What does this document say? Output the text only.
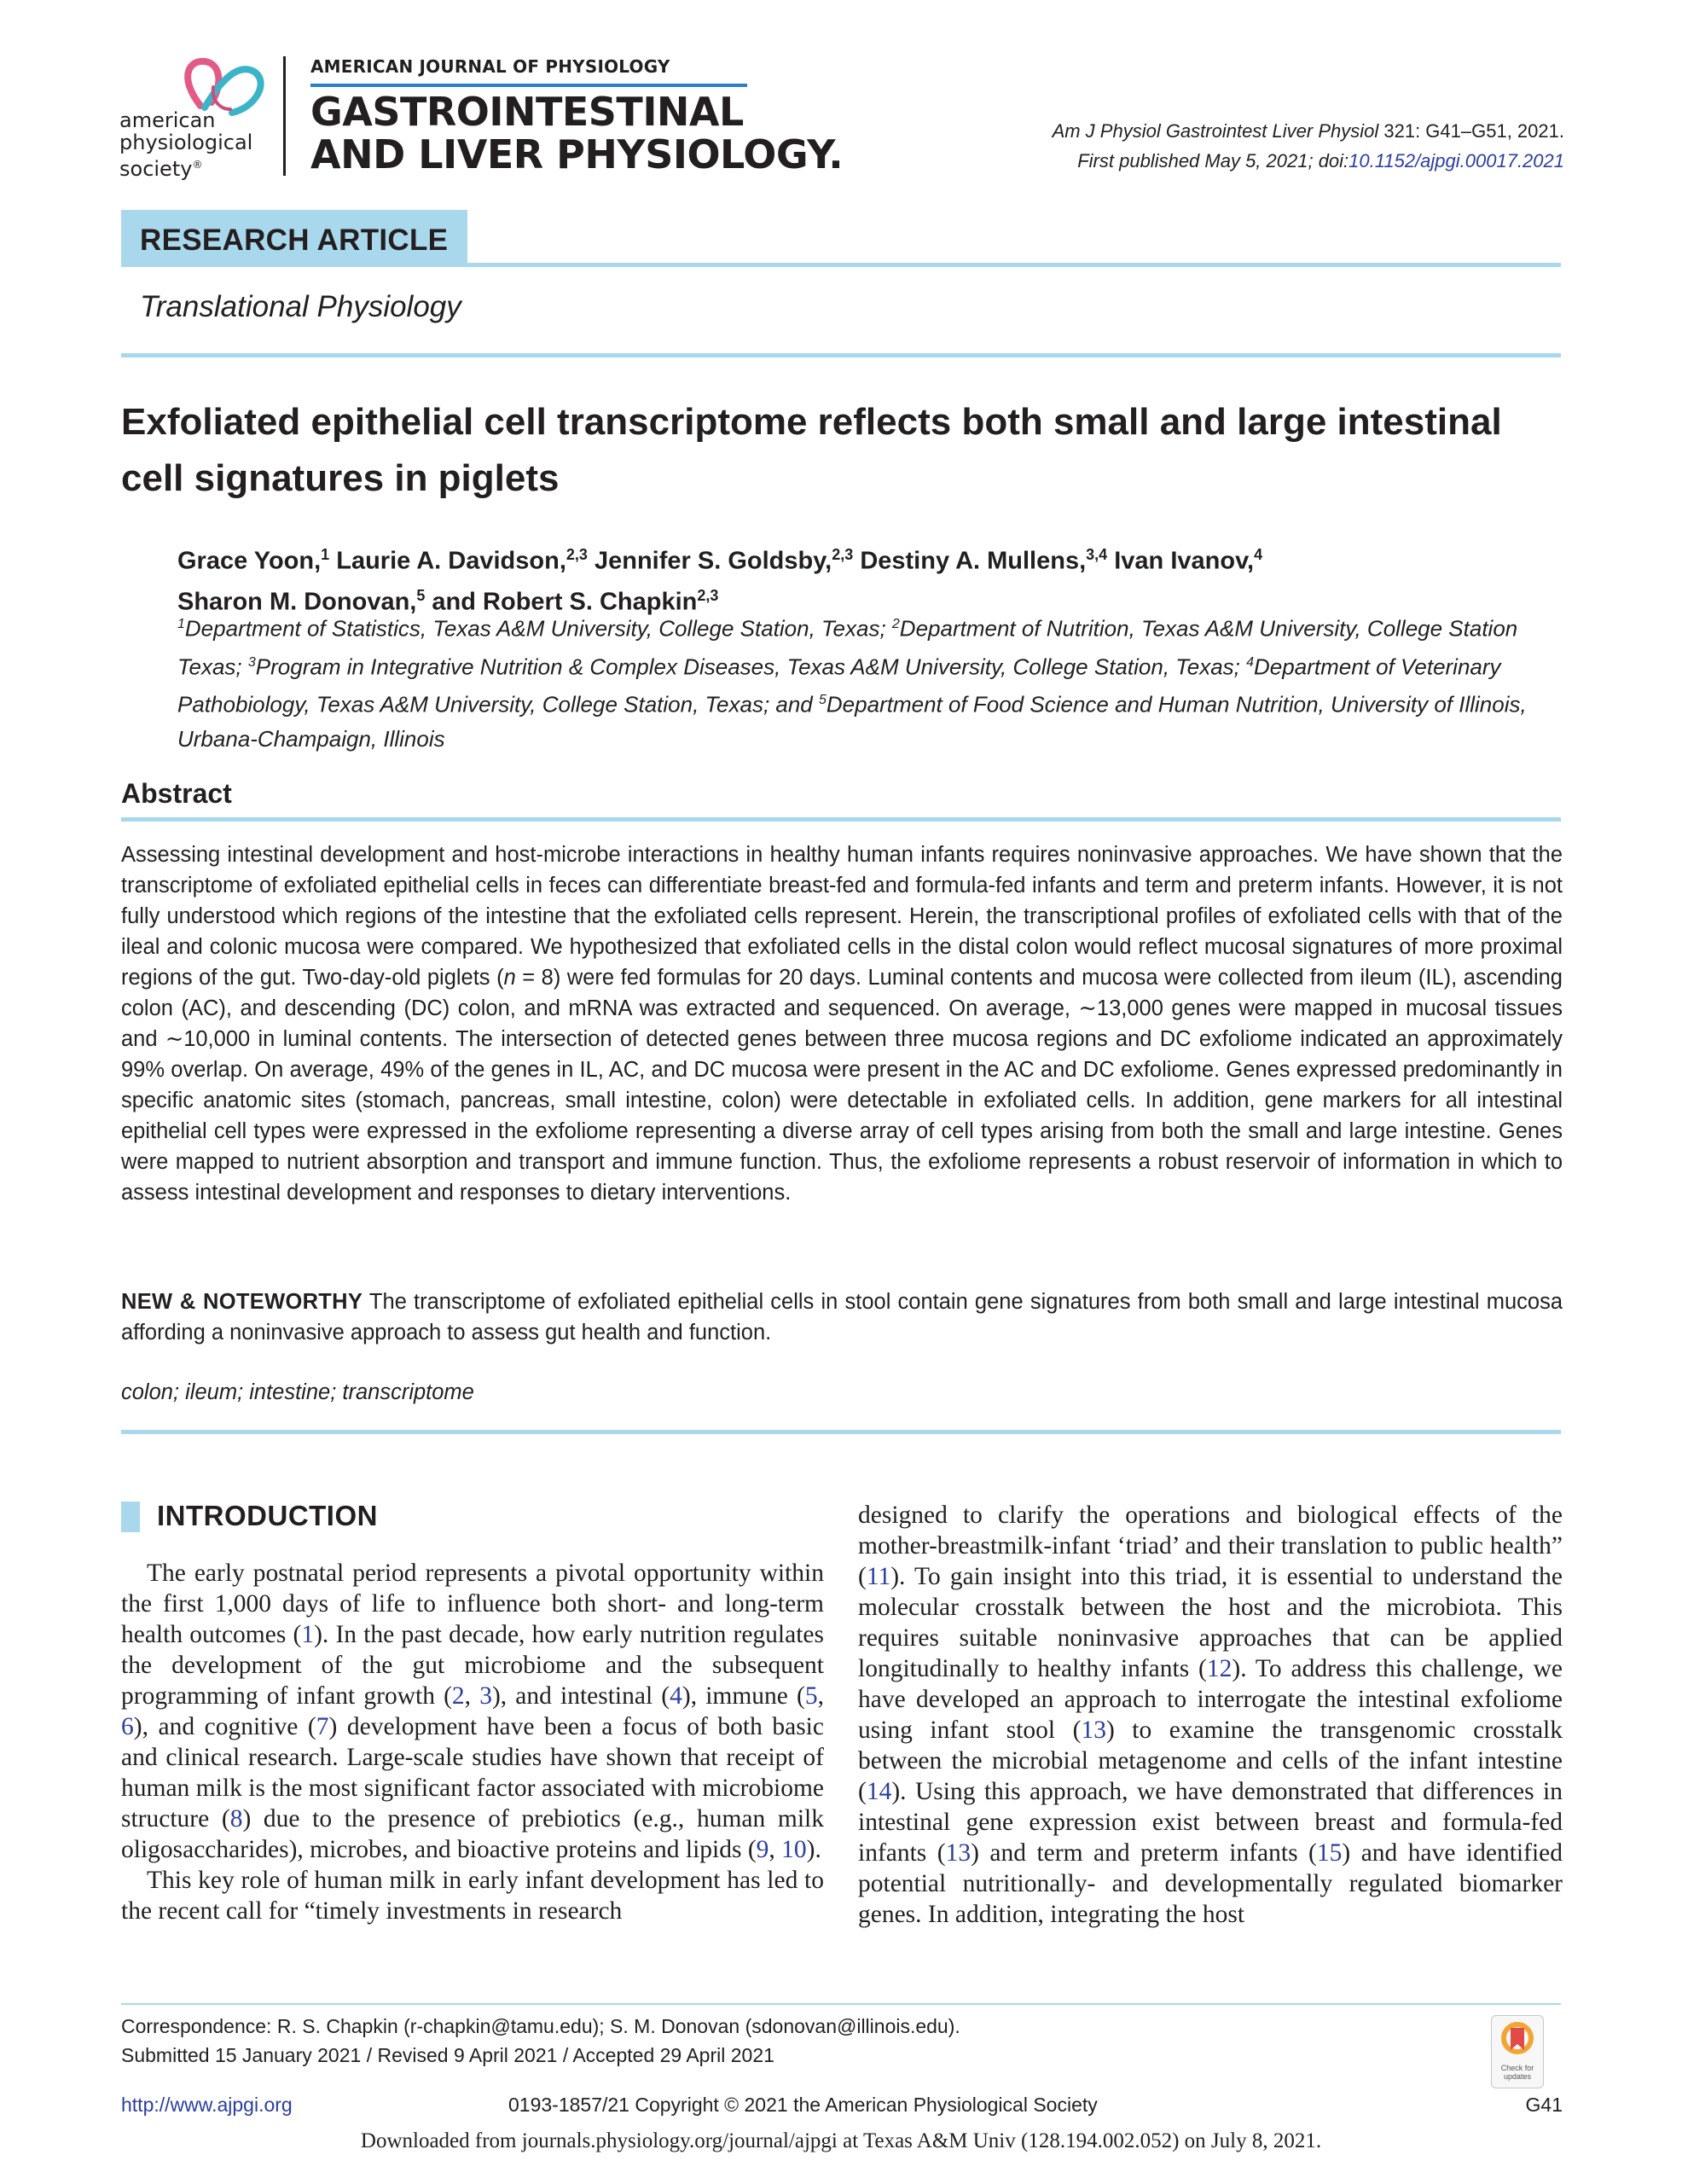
american
physiological
society®
AMERICAN JOURNAL OF PHYSIOLOGY
GASTROINTESTINAL
AND LIVER PHYSIOLOGY.
Am J Physiol Gastrointest Liver Physiol 321: G41–G51, 2021.
First published May 5, 2021; doi:10.1152/ajpgi.00017.2021
RESEARCH ARTICLE
Translational Physiology
Exfoliated epithelial cell transcriptome reflects both small and large intestinal cell signatures in piglets
Grace Yoon,$^1$ Laurie A. Davidson,$^{2,3}$ Jennifer S. Goldsby,$^{2,3}$ Destiny A. Mullens,$^{3,4}$ Ivan Ivanov,$^4$
Sharon M. Donovan,$^5$ and Robert S. Chapkin$^{2,3}$
$^1$Department of Statistics, Texas A&M University, College Station, Texas; $^2$Department of Nutrition, Texas A&M University, College Station Texas; $^3$Program in Integrative Nutrition & Complex Diseases, Texas A&M University, College Station, Texas; $^4$Department of Veterinary Pathobiology, Texas A&M University, College Station, Texas; and $^5$Department of Food Science and Human Nutrition, University of Illinois, Urbana-Champaign, Illinois
Abstract
Assessing intestinal development and host-microbe interactions in healthy human infants requires noninvasive approaches. We have shown that the transcriptome of exfoliated epithelial cells in feces can differentiate breast-fed and formula-fed infants and term and preterm infants. However, it is not fully understood which regions of the intestine that the exfoliated cells represent. Herein, the transcriptional profiles of exfoliated cells with that of the ileal and colonic mucosa were compared. We hypothesized that exfoliated cells in the distal colon would reflect mucosal signatures of more proximal regions of the gut. Two-day-old piglets (n = 8) were fed formulas for 20 days. Luminal contents and mucosa were collected from ileum (IL), ascending colon (AC), and descending (DC) colon, and mRNA was extracted and sequenced. On average, ∼13,000 genes were mapped in mucosal tissues and ∼10,000 in luminal contents. The intersection of detected genes between three mucosa regions and DC exfoliome indicated an approximately 99% overlap. On average, 49% of the genes in IL, AC, and DC mucosa were present in the AC and DC exfoliome. Genes expressed predominantly in specific anatomic sites (stomach, pancreas, small intestine, colon) were detectable in exfoliated cells. In addition, gene markers for all intestinal epithelial cell types were expressed in the exfoliome representing a diverse array of cell types arising from both the small and large intestine. Genes were mapped to nutrient absorption and transport and immune function. Thus, the exfoliome represents a robust reservoir of information in which to assess intestinal development and responses to dietary interventions.
NEW & NOTEWORTHY The transcriptome of exfoliated epithelial cells in stool contain gene signatures from both small and large intestinal mucosa affording a noninvasive approach to assess gut health and function.
colon; ileum; intestine; transcriptome
INTRODUCTION

The early postnatal period represents a pivotal opportunity within the first 1,000 days of life to influence both short- and long-term health outcomes (1). In the past decade, how early nutrition regulates the development of the gut microbiome and the subsequent programming of infant growth (2, 3), and intestinal (4), immune (5, 6), and cognitive (7) development have been a focus of both basic and clinical research. Large-scale studies have shown that receipt of human milk is the most significant factor associated with microbiome structure (8) due to the presence of prebiotics (e.g., human milk oligosaccharides), microbes, and bioactive proteins and lipids (9, 10).

This key role of human milk in early infant development has led to the recent call for “timely investments in research

designed to clarify the operations and biological effects of the mother-breastmilk-infant ‘triad’ and their translation to public health” (11). To gain insight into this triad, it is essential to understand the molecular crosstalk between the host and the microbiota. This requires suitable noninvasive approaches that can be applied longitudinally to healthy infants (12). To address this challenge, we have developed an approach to interrogate the intestinal exfoliome using infant stool (13) to examine the transgenomic crosstalk between the microbial metagenome and cells of the infant intestine (14). Using this approach, we have demonstrated that differences in intestinal gene expression exist between breast and formula-fed infants (13) and term and preterm infants (15) and have identified potential nutritionally- and developmentally regulated biomarker genes. In addition, integrating the host

Correspondence: R. S. Chapkin (r-chapkin@tamu.edu); S. M. Donovan (sdonovan@illinois.edu).
Submitted 15 January 2021 / Revised 9 April 2021 / Accepted 29 April 2021
Check for updates
http://www.ajpgi.org	0193-1857/21 Copyright © 2021 the American Physiological Society	G41
Downloaded from journals.physiology.org/journal/ajpgi at Texas A&M Univ (128.194.002.052) on July 8, 2021.
